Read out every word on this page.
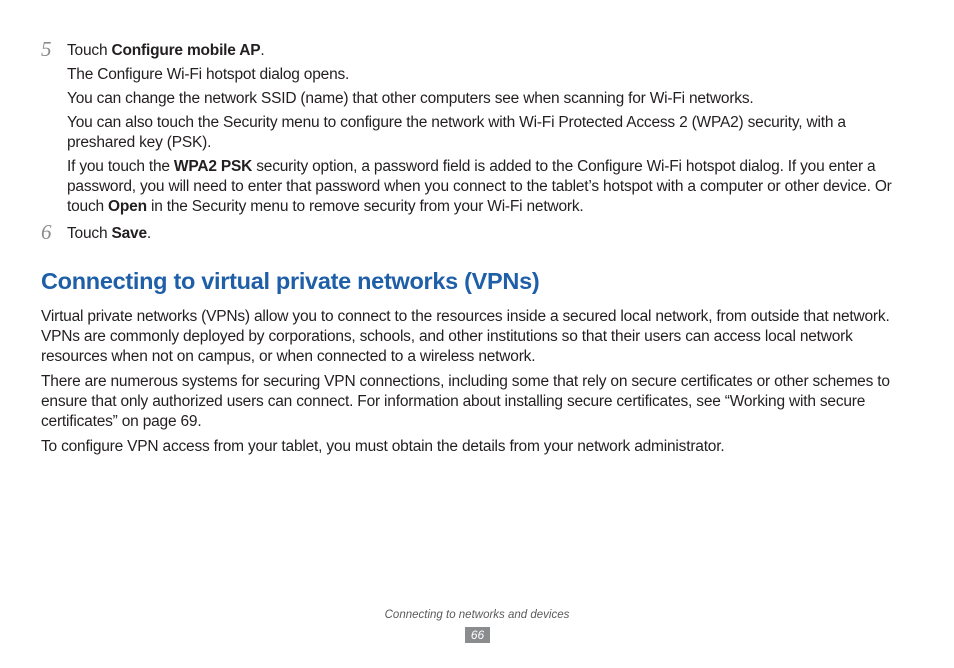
5 Touch Configure mobile AP.

The Configure Wi-Fi hotspot dialog opens.

You can change the network SSID (name) that other computers see when scanning for Wi-Fi networks.

You can also touch the Security menu to configure the network with Wi-Fi Protected Access 2 (WPA2) security, with a preshared key (PSK).

If you touch the WPA2 PSK security option, a password field is added to the Configure Wi-Fi hotspot dialog. If you enter a password, you will need to enter that password when you connect to the tablet’s hotspot with a computer or other device. Or touch Open in the Security menu to remove security from your Wi-Fi network.

6 Touch Save.

Connecting to virtual private networks (VPNs)

Virtual private networks (VPNs) allow you to connect to the resources inside a secured local network, from outside that network. VPNs are commonly deployed by corporations, schools, and other institutions so that their users can access local network resources when not on campus, or when connected to a wireless network.

There are numerous systems for securing VPN connections, including some that rely on secure certificates or other schemes to ensure that only authorized users can connect. For information about installing secure certificates, see “Working with secure certificates” on page 69.

To configure VPN access from your tablet, you must obtain the details from your network administrator.

Connecting to networks and devices
66
